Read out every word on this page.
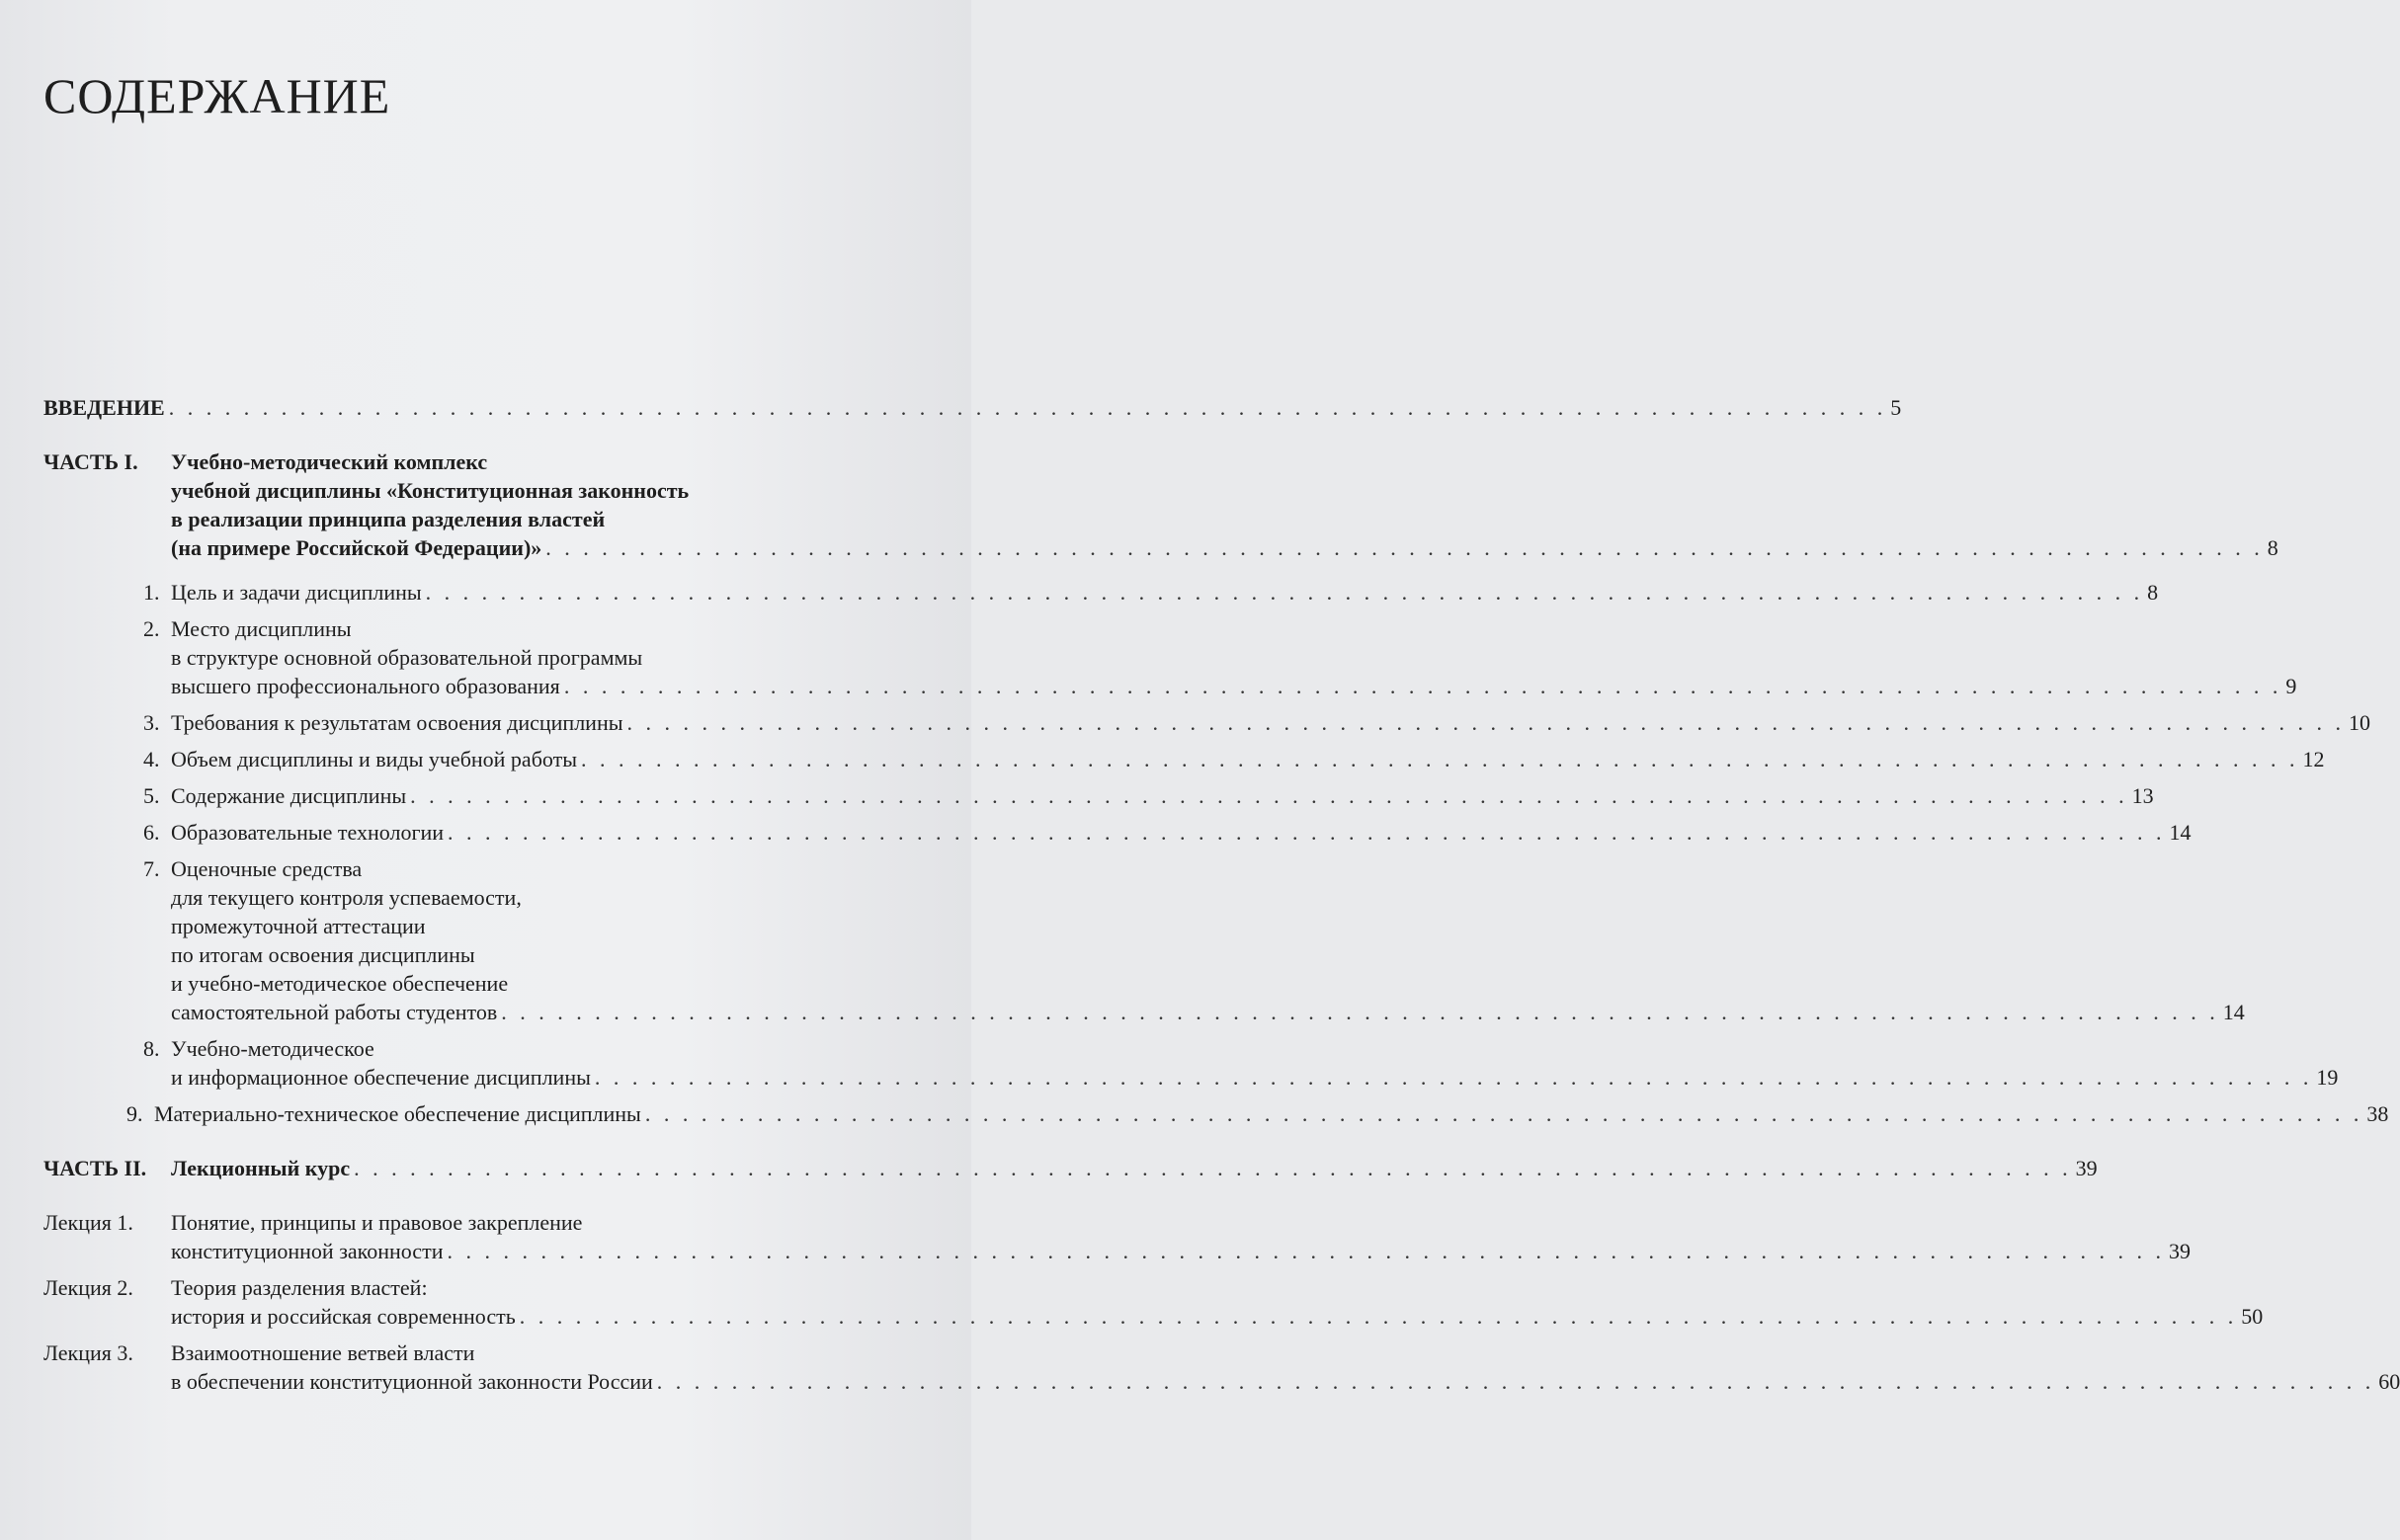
СОДЕРЖАНИЕ
ВВЕДЕНИЕ . . .	5
ЧАСТЬ I.	Учебно-методический комплекс
учебной дисциплины «Конституционная законность
в реализации принципа разделения властей
(на примере Российской Федерации)» . . .	8
1. Цель и задачи дисциплины . . .	8
2. Место дисциплины
в структуре основной образовательной программы
высшего профессионального образования . . .	9
3. Требования к результатам освоения дисциплины . . .	10
4. Объем дисциплины и виды учебной работы . . .	12
5. Содержание дисциплины . . .	13
6. Образовательные технологии . . .	14
7. Оценочные средства
для текущего контроля успеваемости,
промежуточной аттестации
по итогам освоения дисциплины
и учебно-методическое обеспечение
самостоятельной работы студентов . . .	14
8. Учебно-методическое
и информационное обеспечение дисциплины . . .	19
9. Материально-техническое обеспечение дисциплины . . .	38
ЧАСТЬ II.	Лекционный курс . . .	39
Лекция 1.	Понятие, принципы и правовое закрепление
конституционной законности . . .	39
Лекция 2.	Теория разделения властей:
история и российская современность . . .	50
Лекция 3.	Взаимоотношение ветвей власти
в обеспечении конституционной законности России . . .	60
